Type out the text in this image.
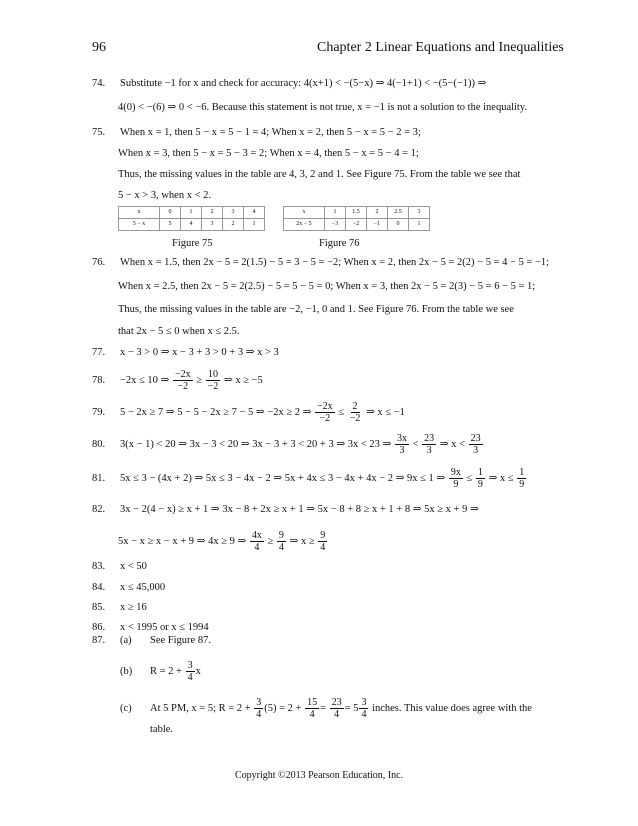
96	Chapter 2 Linear Equations and Inequalities
74. Substitute −1 for x and check for accuracy: 4(x+1) < −(5−x) ⇒ 4(−1+1) < −(5−(−1)) ⇒
4(0) < −(6) ⇒ 0 < −6. Because this statement is not true, x = −1 is not a solution to the inequality.
75. When x = 1, then 5 − x = 5 − 1 = 4; When x = 2, then 5 − x = 5 − 2 = 3;
When x = 3, then 5 − x = 5 − 3 = 2; When x = 4, then 5 − x = 5 − 4 = 1;
Thus, the missing values in the table are 4, 3, 2 and 1. See Figure 75. From the table we see that
5 − x > 3, when x < 2.
x	0	1	2	3	4
5 − x	5	4	3	2	1
x	1	1.5	2	2.5	3
2x − 5	−3	−2	−1	0	1
Figure 75	Figure 76
76. When x = 1.5, then 2x − 5 = 2(1.5) − 5 = 3 − 5 = −2; When x = 2, then 2x − 5 = 2(2) − 5 = 4 − 5 = −1;
When x = 2.5, then 2x − 5 = 2(2.5) − 5 = 5 − 5 = 0; When x = 3, then 2x − 5 = 2(3) − 5 = 6 − 5 = 1;
Thus, the missing values in the table are −2, −1, 0 and 1. See Figure 76. From the table we see
that 2x − 5 ≤ 0 when x ≤ 2.5.
77. x − 3 > 0 ⇒ x − 3 + 3 > 0 + 3 ⇒ x > 3
78. −2x ≤ 10 ⇒ $\frac{-2x}{-2} \ge \frac{10}{-2}$ ⇒ x ≥ −5
79. 5 − 2x ≥ 7 ⇒ 5 − 5 − 2x ≥ 7 − 5 ⇒ −2x ≥ 2 ⇒ $\frac{-2x}{-2} \le \frac{2}{-2}$ ⇒ x ≤ −1
80. 3(x − 1) < 20 ⇒ 3x − 3 < 20 ⇒ 3x − 3 + 3 < 20 + 3 ⇒ 3x < 23 ⇒ $\frac{3x}{3} < \frac{23}{3}$ ⇒ $x < \frac{23}{3}$
81. 5x ≤ 3 − (4x + 2) ⇒ 5x ≤ 3 − 4x − 2 ⇒ 5x + 4x ≤ 3 − 4x + 4x − 2 ⇒ 9x ≤ 1 ⇒ $\frac{9x}{9} \le \frac{1}{9}$ ⇒ $x \le \frac{1}{9}$
82. 3x − 2(4 − x) ≥ x + 1 ⇒ 3x − 8 + 2x ≥ x + 1 ⇒ 5x − 8 + 8 ≥ x + 1 + 8 ⇒ 5x ≥ x + 9 ⇒
5x − x ≥ x − x + 9 ⇒ 4x ≥ 9 ⇒ $\frac{4x}{4} \ge \frac{9}{4}$ ⇒ $x \ge \frac{9}{4}$
83. x < 50
84. x ≤ 45,000
85. x ≥ 16
86. x < 1995 or x ≤ 1994
87. (a) See Figure 87.
(b) $R = 2 + \frac{3}{4}$ x
(c) At 5 PM, x = 5; $R = 2 + \frac{3}{4} (5) = 2 + \frac{15}{4} = \frac{23}{4} = 5 \frac{3}{4}$ inches. This value does agree with the
table.
Copyright ©2013 Pearson Education, Inc.
